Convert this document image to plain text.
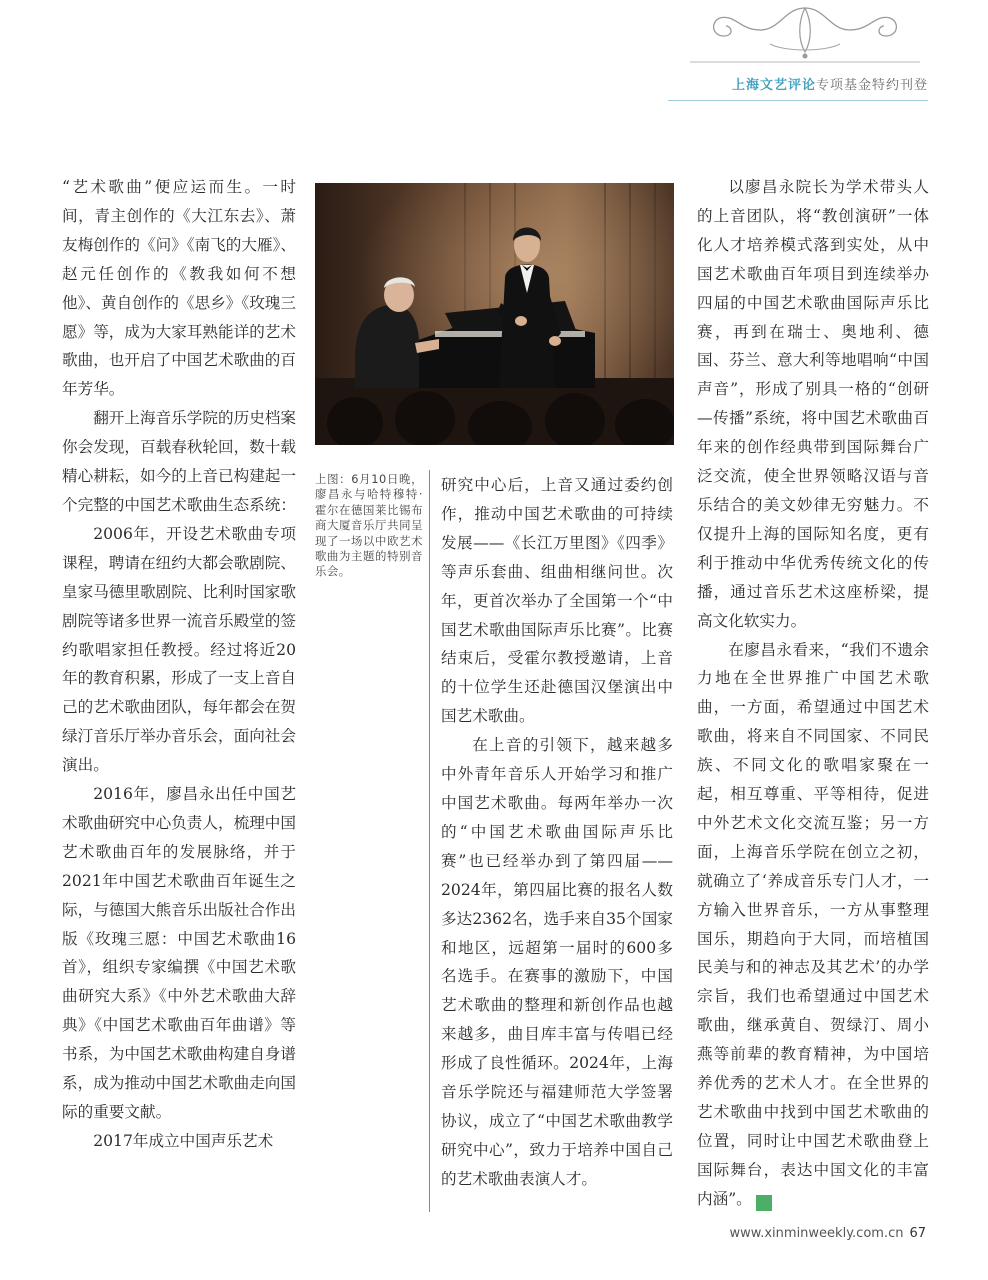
上海文艺评论专项基金特约刊登

“艺术歌曲”便应运而生。一时间，青主创作的《大江东去》、萧友梅创作的《问》《南飞的大雁》、赵元任创作的《教我如何不想他》、黄自创作的《思乡》《玫瑰三愿》等，成为大家耳熟能详的艺术歌曲，也开启了中国艺术歌曲的百年芳华。

翻开上海音乐学院的历史档案你会发现，百载春秋轮回，数十载精心耕耘，如今的上音已构建起一个完整的中国艺术歌曲生态系统：

2006年，开设艺术歌曲专项课程，聘请在纽约大都会歌剧院、皇家马德里歌剧院、比利时国家歌剧院等诸多世界一流音乐殿堂的签约歌唱家担任教授。经过将近20年的教育积累，形成了一支上音自己的艺术歌曲团队，每年都会在贺绿汀音乐厅举办音乐会，面向社会演出。

2016年，廖昌永出任中国艺术歌曲研究中心负责人，梳理中国艺术歌曲百年的发展脉络，并于2021年中国艺术歌曲百年诞生之际，与德国大熊音乐出版社合作出版《玫瑰三愿：中国艺术歌曲16首》，组织专家编撰《中国艺术歌曲研究大系》《中外艺术歌曲大辞典》《中国艺术歌曲百年曲谱》等书系，为中国艺术歌曲构建自身谱系，成为推动中国艺术歌曲走向国际的重要文献。

2017年成立中国声乐艺术

上图：6月10日晚，廖昌永与哈特穆特·霍尔在德国莱比锡布商大厦音乐厅共同呈现了一场以中欧艺术歌曲为主题的特别音乐会。

研究中心后，上音又通过委约创作，推动中国艺术歌曲的可持续发展——《长江万里图》《四季》等声乐套曲、组曲相继问世。次年，更首次举办了全国第一个“中国艺术歌曲国际声乐比赛”。比赛结束后，受霍尔教授邀请，上音的十位学生还赴德国汉堡演出中国艺术歌曲。

在上音的引领下，越来越多中外青年音乐人开始学习和推广中国艺术歌曲。每两年举办一次的“中国艺术歌曲国际声乐比赛”也已经举办到了第四届——2024年，第四届比赛的报名人数多达2362名，选手来自35个国家和地区，远超第一届时的600多名选手。在赛事的激励下，中国艺术歌曲的整理和新创作品也越来越多，曲目库丰富与传唱已经形成了良性循环。2024年，上海音乐学院还与福建师范大学签署协议，成立了“中国艺术歌曲教学研究中心”，致力于培养中国自己的艺术歌曲表演人才。

以廖昌永院长为学术带头人的上音团队，将“教创演研”一体化人才培养模式落到实处，从中国艺术歌曲百年项目到连续举办四届的中国艺术歌曲国际声乐比赛，再到在瑞士、奥地利、德国、芬兰、意大利等地唱响“中国声音”，形成了别具一格的“创研—传播”系统，将中国艺术歌曲百年来的创作经典带到国际舞台广泛交流，使全世界领略汉语与音乐结合的美文妙律无穷魅力。不仅提升上海的国际知名度，更有利于推动中华优秀传统文化的传播，通过音乐艺术这座桥梁，提高文化软实力。

在廖昌永看来，“我们不遗余力地在全世界推广中国艺术歌曲，一方面，希望通过中国艺术歌曲，将来自不同国家、不同民族、不同文化的歌唱家聚在一起，相互尊重、平等相待，促进中外艺术文化交流互鉴；另一方面，上海音乐学院在创立之初，就确立了‘养成音乐专门人才，一方输入世界音乐，一方从事整理国乐，期趋向于大同，而培植国民美与和的神志及其艺术’的办学宗旨，我们也希望通过中国艺术歌曲，继承黄自、贺绿汀、周小燕等前辈的教育精神，为中国培养优秀的艺术人才。在全世界的艺术歌曲中找到中国艺术歌曲的位置，同时让中国艺术歌曲登上国际舞台，表达中国文化的丰富内涵”。	民

www.xinminweekly.com.cn 67
